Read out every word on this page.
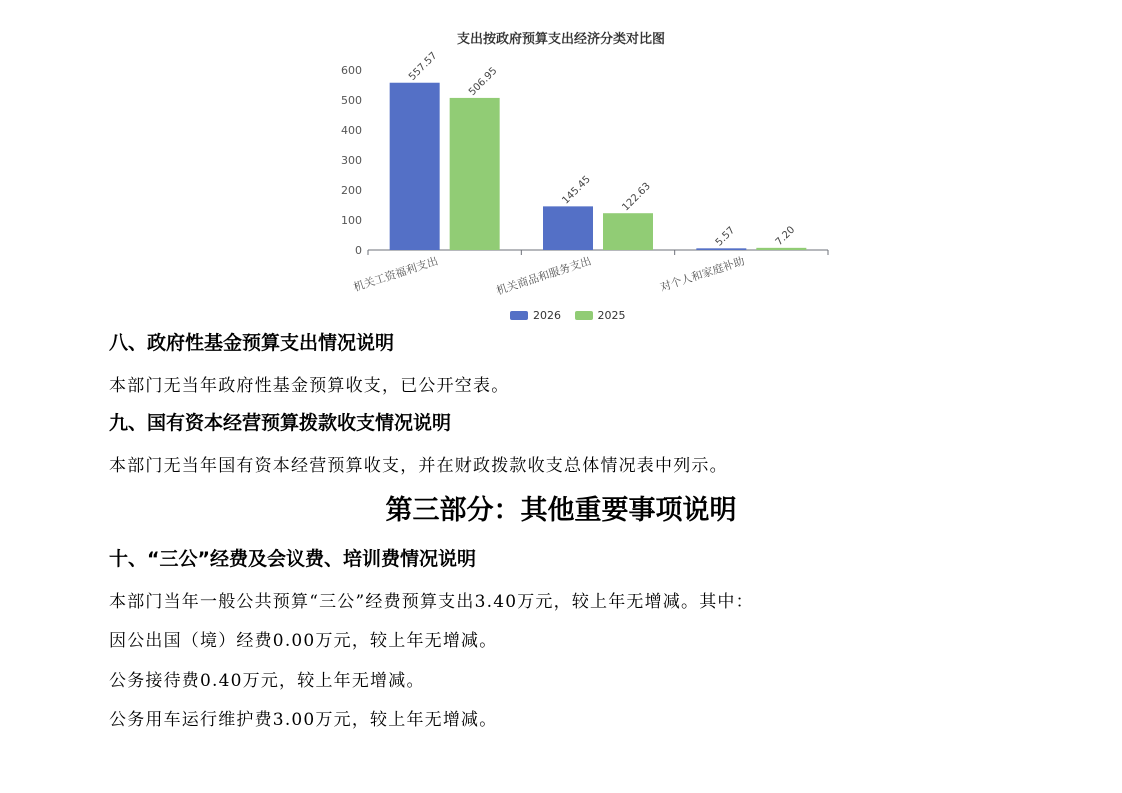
支出按政府预算支出经济分类对比图
0
100
200
300
400
500
600	557.57	506.95
机关工资福利支出
145.45	122.63
机关商品和服务支出
5.57	7.20
对个人和家庭补助
2026
	2025
八、政府性基金预算支出情况说明
本部门无当年政府性基金预算收支，已公开空表。
九、国有资本经营预算拨款收支情况说明
本部门无当年国有资本经营预算收支，并在财政拨款收支总体情况表中列示。
第三部分：其他重要事项说明
十、“三公”经费及会议费、培训费情况说明
本部门当年一般公共预算“三公”经费预算支出3.40万元，较上年无增减。其中：
因公出国（境）经费0.00万元，较上年无增减。
公务接待费0.40万元，较上年无增减。
公务用车运行维护费3.00万元，较上年无增减。
